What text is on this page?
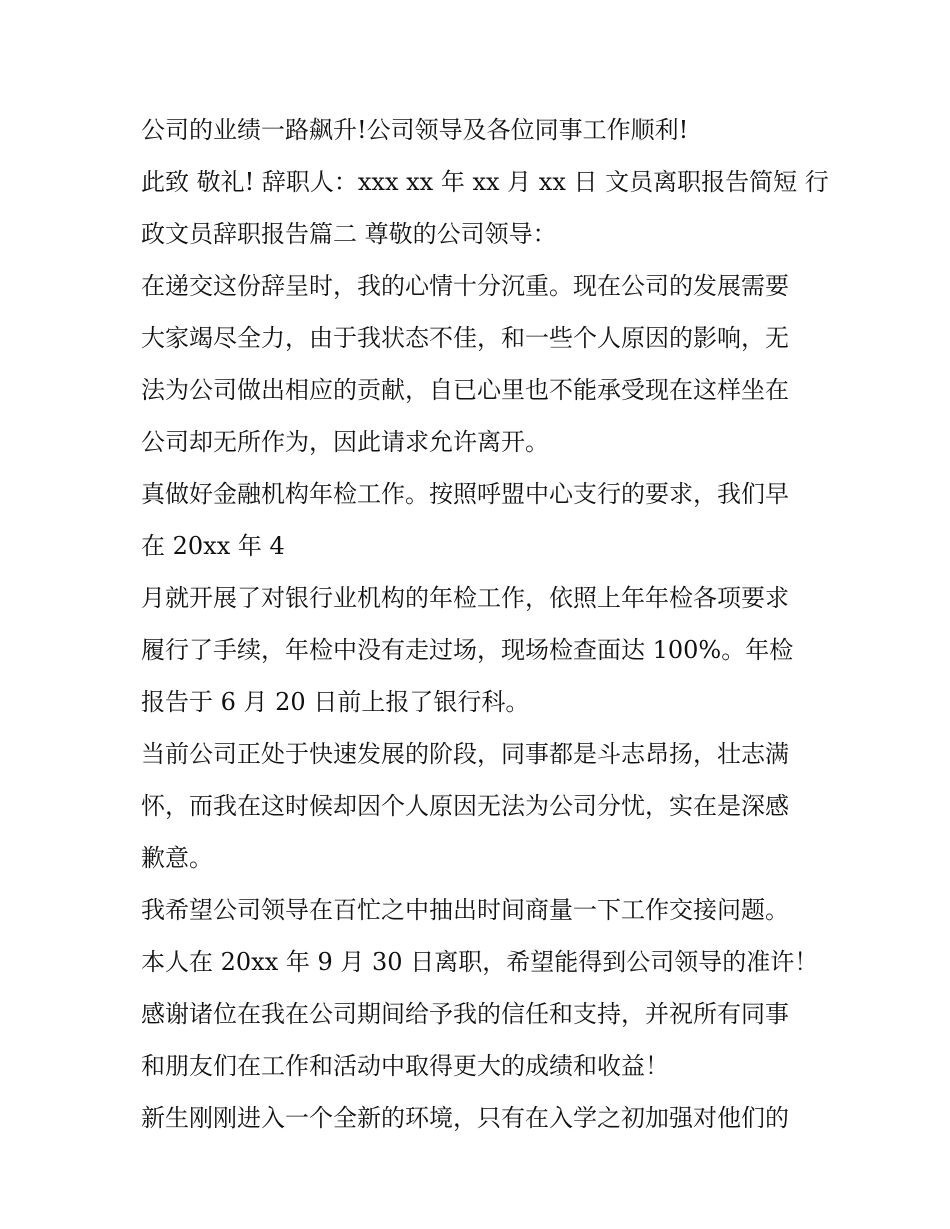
公司的业绩一路飙升!公司领导及各位同事工作顺利!
此致 敬礼! 辞职人：xxx xx 年 xx 月 xx 日 文员离职报告简短 行
政文员辞职报告篇二 尊敬的公司领导：
在递交这份辞呈时，我的心情十分沉重。现在公司的发展需要
大家竭尽全力，由于我状态不佳，和一些个人原因的影响，无
法为公司做出相应的贡献，自已心里也不能承受现在这样坐在
公司却无所作为，因此请求允许离开。
真做好金融机构年检工作。按照呼盟中心支行的要求，我们早
在 20xx 年 4
月就开展了对银行业机构的年检工作，依照上年年检各项要求
履行了手续，年检中没有走过场，现场检查面达 100%。年检
报告于 6 月 20 日前上报了银行科。
当前公司正处于快速发展的阶段，同事都是斗志昂扬，壮志满
怀，而我在这时候却因个人原因无法为公司分忧，实在是深感
歉意。
我希望公司领导在百忙之中抽出时间商量一下工作交接问题。
本人在 20xx 年 9 月 30 日离职，希望能得到公司领导的准许！
感谢诸位在我在公司期间给予我的信任和支持，并祝所有同事
和朋友们在工作和活动中取得更大的成绩和收益！
新生刚刚进入一个全新的环境，只有在入学之初加强对他们的
